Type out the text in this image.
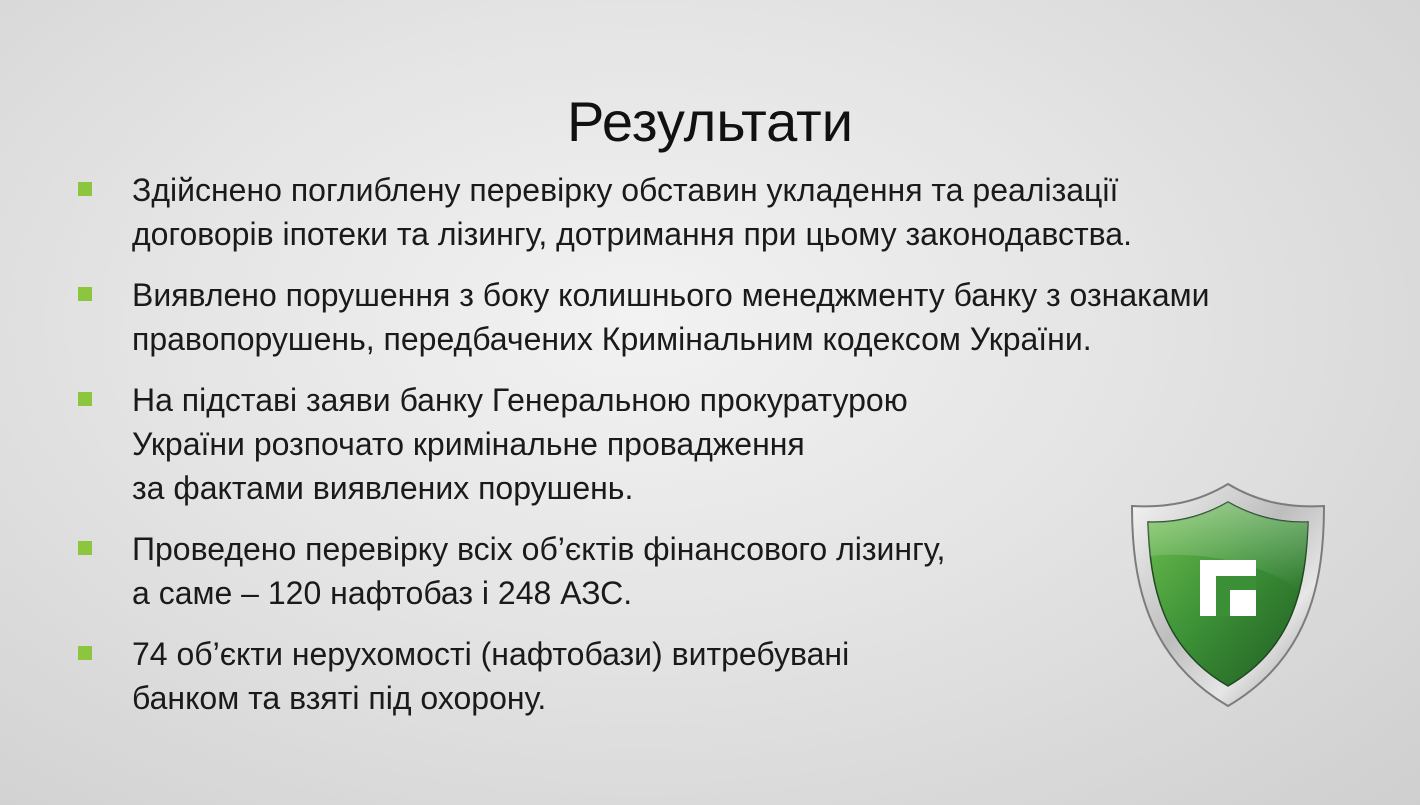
Результати
Здійснено поглиблену перевірку обставин укладення та реалізації
договорів іпотеки та лізингу, дотримання при цьому законодавства.
Виявлено порушення з боку колишнього менеджменту банку з ознаками
правопорушень, передбачених Кримінальним кодексом України.
На підставі заяви банку Генеральною прокуратурою
України розпочато кримінальне провадження
за фактами виявлених порушень.
Проведено перевірку всіх об’єктів фінансового лізингу,
а саме – 120 нафтобаз і 248 АЗС.
74 об’єкти нерухомості (нафтобази) витребувані
банком та взяті під охорону.
